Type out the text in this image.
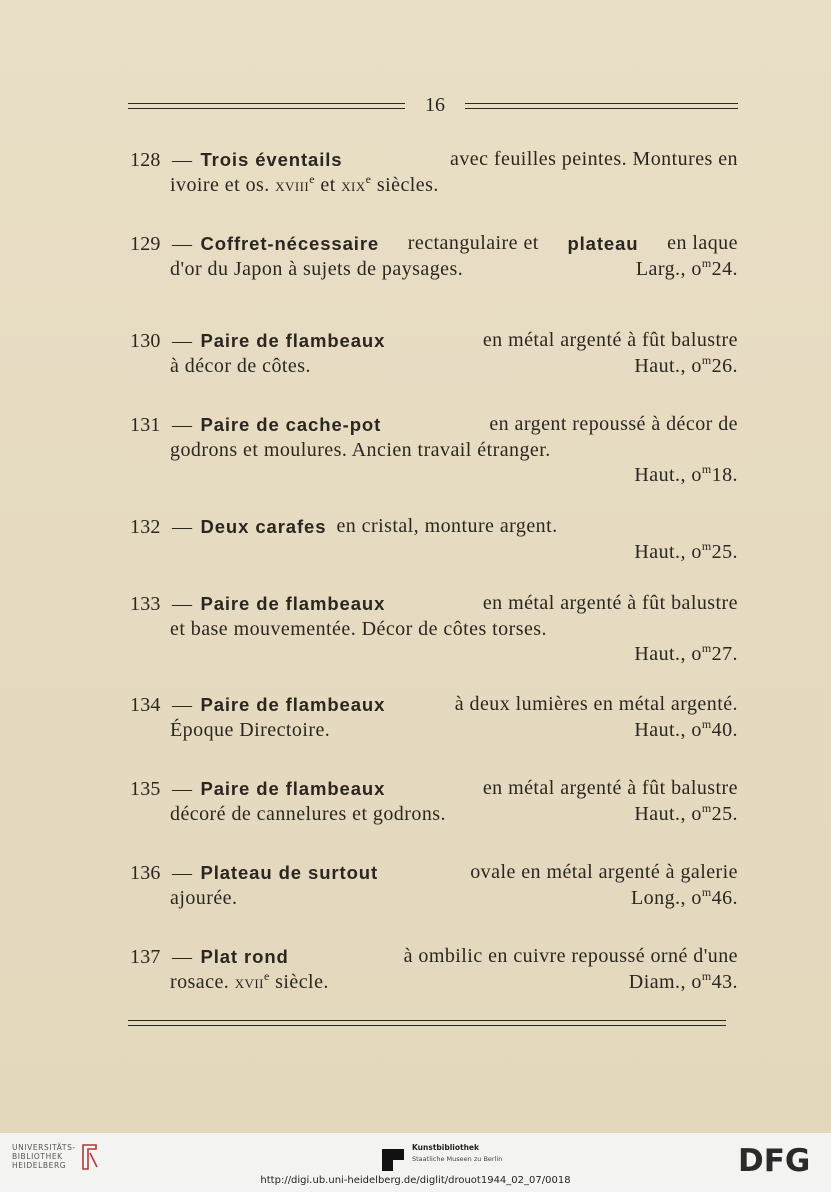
16
128 — Trois éventails	avec feuilles peintes. Montures en
ivoire et os. xviii$^e$ et xix$^e$ siècles.
129 — Coffret-nécessaire rectangulaire et plateau en laque
d'or du Japon à sujets de paysages.	Larg., $o^m24$.
130 — Paire de flambeaux	en métal argenté à fût balustre
à décor de côtes.	Haut., $o^m26$.
131 — Paire de cache-pot	en argent repoussé à décor de
godrons et moulures. Ancien travail étranger.
Haut., $o^m18$.
132 — Deux carafes en cristal, monture argent.
Haut., $o^m25$.
133 — Paire de flambeaux	en métal argenté à fût balustre
et base mouvementée. Décor de côtes torses.
Haut., $o^m27$.
134 — Paire de flambeaux	à deux lumières en métal argenté.
Époque Directoire.	Haut., $o^m40$.
135 — Paire de flambeaux	en métal argenté à fût balustre
décoré de cannelures et godrons.	Haut., $o^m25$.
136 — Plateau de surtout	ovale en métal argenté à galerie
ajourée.	Long., $o^m46$.
137 — Plat rond	à ombilic en cuivre repoussé orné d'une
rosace. xvii$^e$ siècle.	Diam., $o^m43$.
UNIVERSITÄTS-
BIBLIOTHEK
HEIDELBERG
Kunstbibliothek
Staatliche Museen zu Berlin	DFG
http://digi.ub.uni-heidelberg.de/diglit/drouot1944_02_07/0018
